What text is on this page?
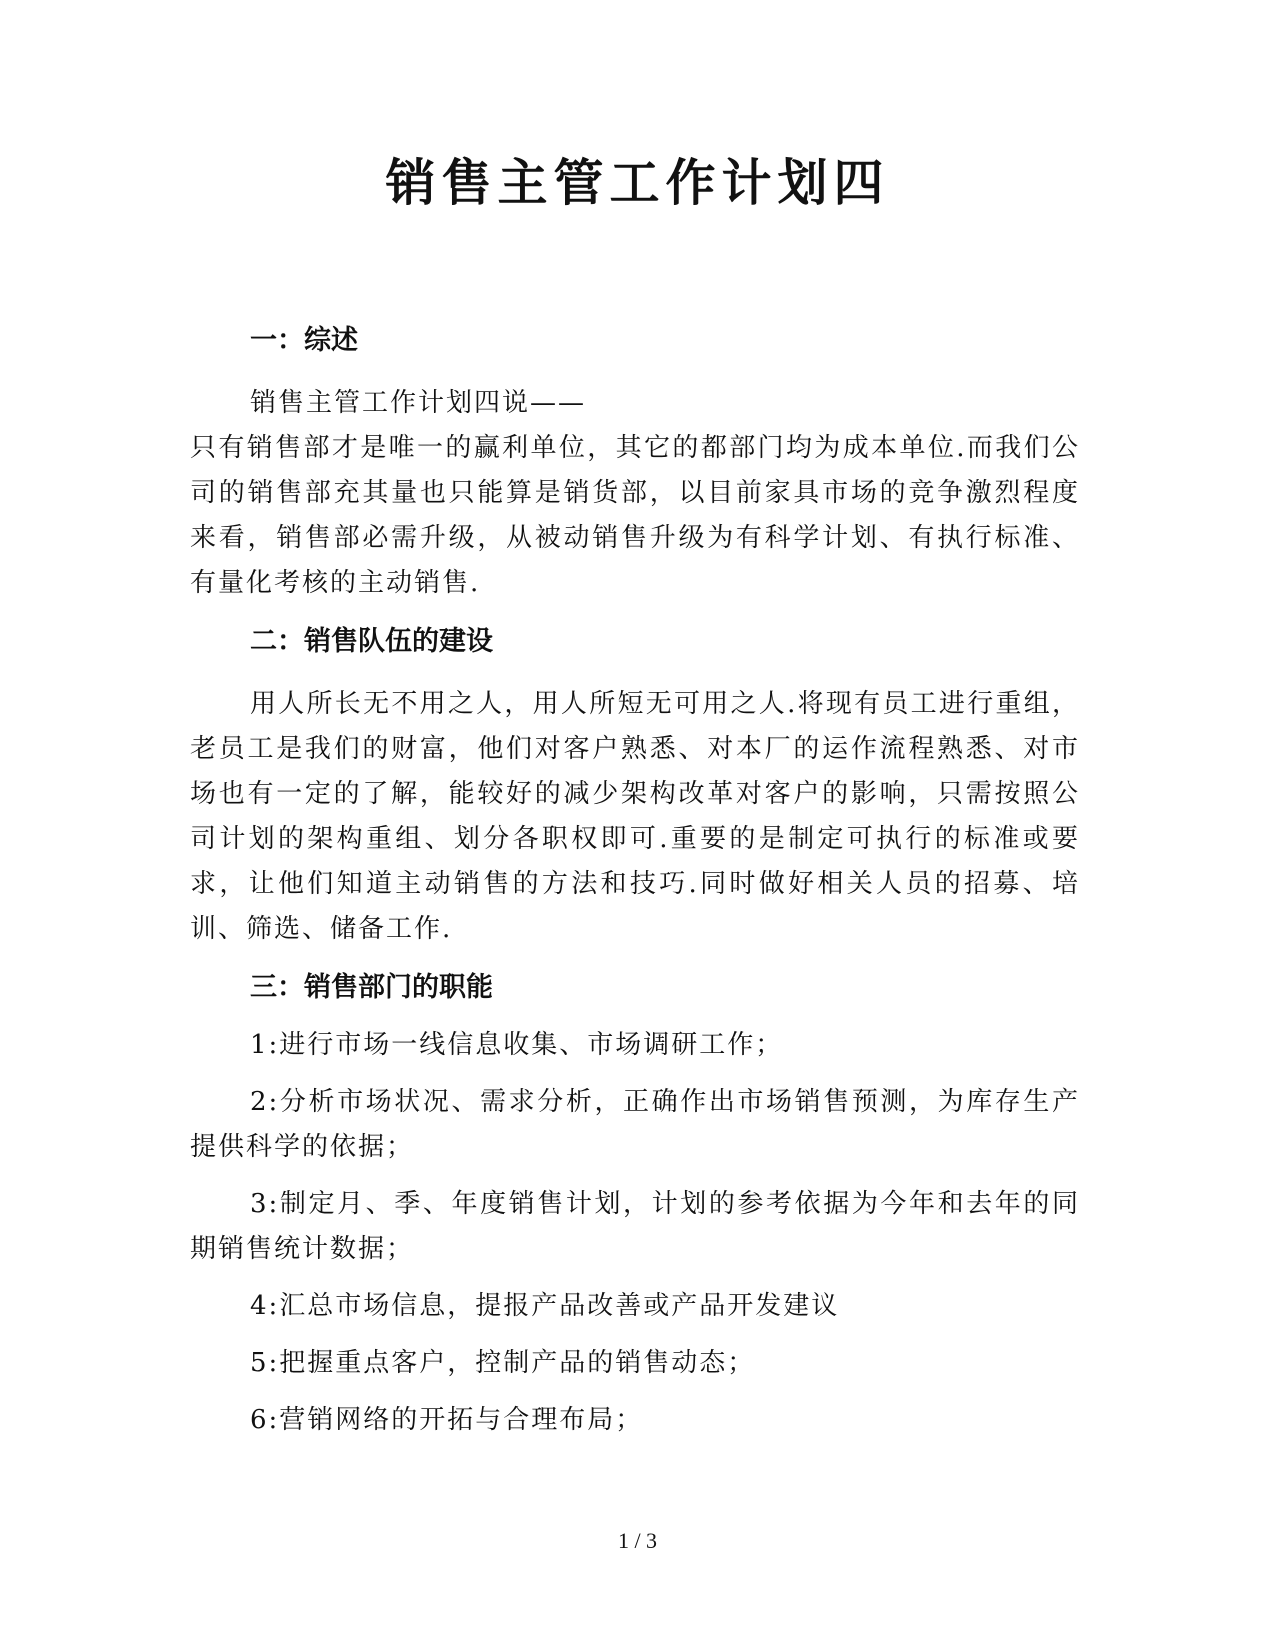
销售主管工作计划四
一：综述

销售主管工作计划四说——

只有销售部才是唯一的赢利单位，其它的都部门均为成本单位.而我们公司的销售部充其量也只能算是销货部，以目前家具市场的竞争激烈程度来看，销售部必需升级，从被动销售升级为有科学计划、有执行标准、有量化考核的主动销售.

二：销售队伍的建设

用人所长无不用之人，用人所短无可用之人.将现有员工进行重组，老员工是我们的财富，他们对客户熟悉、对本厂的运作流程熟悉、对市场也有一定的了解，能较好的减少架构改革对客户的影响，只需按照公司计划的架构重组、划分各职权即可.重要的是制定可执行的标准或要求，让他们知道主动销售的方法和技巧.同时做好相关人员的招募、培训、筛选、储备工作.

三：销售部门的职能

1:进行市场一线信息收集、市场调研工作；

2:分析市场状况、需求分析，正确作出市场销售预测，为库存生产提供科学的依据；

3:制定月、季、年度销售计划，计划的参考依据为今年和去年的同期销售统计数据；

4:汇总市场信息，提报产品改善或产品开发建议

5:把握重点客户，控制产品的销售动态；

6:营销网络的开拓与合理布局；

1 / 3
